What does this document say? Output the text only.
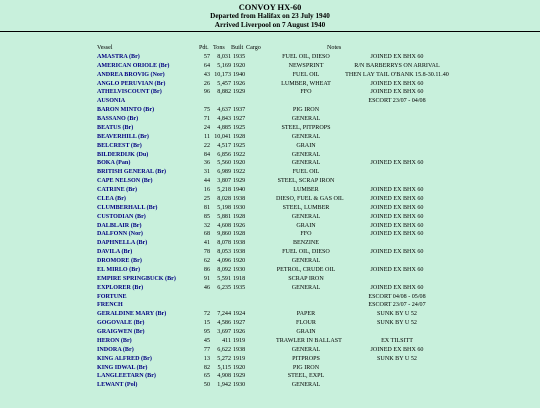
CONVOY HX-60
Departed from Halifax on 23 July 1940
Arrived Liverpool on 7 August 1940
Vessel	Pdt. Tons Built Cargo	Notes
AMASTRA (Br)	57	8,031 1935	FUEL OIL, DIESO	JOINED EX BHX 60
AMERICAN ORIOLE (Br)	64	5,169 1920	NEWSPRINT	R/N BARBERRYS ON ARRIVAL
ANDREA BROVIG (Nor)	43 10,173 1940	FUEL OIL	THEN LAY TAIL O'BANK 15.8-30.11.40
ANGLO PERUVIAN (Br)	26	5,457 1926	LUMBER, WHEAT	JOINED EX BHX 60
ATHELVISCOUNT (Br)	96	8,882 1929	FFO	JOINED EX BHX 60
AUSONIA	ESCORT 23/07 - 04/08
BARON MINTO (Br)	75	4,637 1937	PIG IRON
BASSANO (Br)	71	4,843 1927	GENERAL
BEATUS (Br)	24	4,885 1925	STEEL, PITPROPS
BEAVERHILL (Br)	11 10,041 1928	GENERAL
BELCREST (Br)	22	4,517 1925	GRAIN
BILDERDIJK (Du)	84	6,856 1922	GENERAL
BOKA (Pan)	36	5,560 1920	GENERAL	JOINED EX BHX 60
BRITISH GENERAL (Br)	31	6,989 1922	FUEL OIL
CAPE NELSON (Br)	44	3,807 1929	STEEL, SCRAP IRON
CATRINE (Br)	16	5,218 1940	LUMBER	JOINED EX BHX 60
CLEA (Br)	25	8,028 1938	DIESO, FUEL & GAS OIL	JOINED EX BHX 60
CLUMBERHALL (Br)	81	5,198 1930	STEEL, LUMBER	JOINED EX BHX 60
CUSTODIAN (Br)	85	5,881 1928	GENERAL	JOINED EX BHX 60
DALBLAIR (Br)	32	4,608 1926	GRAIN	JOINED EX BHX 60
DALFONN (Nor)	68	9,860 1928	FFO	JOINED EX BHX 60
DAPHNELLA (Br)	41	8,078 1938	BENZINE
DAVILA (Br)	78	8,053 1938	FUEL OIL, DIESO	JOINED EX BHX 60
DROMORE (Br)	62	4,096 1920	GENERAL
EL MIRLO (Br)	86	8,092 1930	PETROL, CRUDE OIL	JOINED EX BHX 60
EMPIRE SPRINGBUCK (Br)	91	5,591 1918	SCRAP IRON
EXPLORER (Br)	46	6,235 1935	GENERAL	JOINED EX BHX 60
FORTUNE	ESCORT 04/08 - 05/08
FRENCH	ESCORT 23/07 - 24/07
GERALDINE MARY (Br)	72	7,244 1924	PAPER	SUNK BY U 52
GOGOVALE (Br)	15	4,586 1927	FLOUR	SUNK BY U 52
GRAIGWEN (Br)	95	3,697 1926	GRAIN
HERON (Br)	45	411 1919	TRAWLER IN BALLAST	EX TILSITT
INDORA (Br)	77	6,622 1938	GENERAL	JOINED EX BHX 60
KING ALFRED (Br)	13	5,272 1919	PITPROPS	SUNK BY U 52
KING IDWAL (Br)	82	5,115 1920	PIG IRON
LANGLEETARN (Br)	65	4,908 1929	STEEL, EXPL
LEWANT (Pol)	50	1,942 1930	GENERAL
